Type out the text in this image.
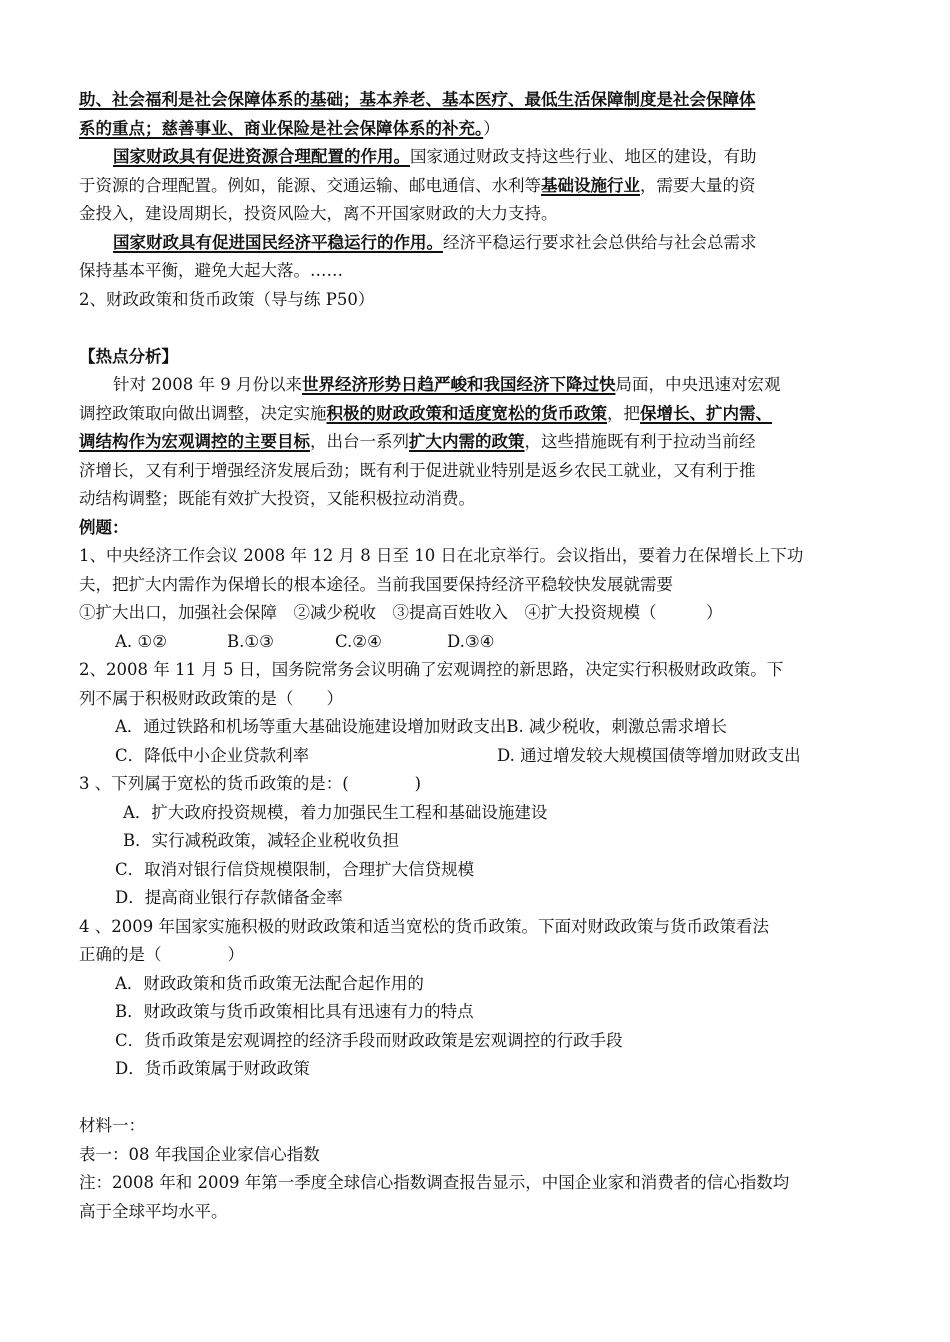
助、社会福利是社会保障体系的基础；基本养老、基本医疗、最低生活保障制度是社会保障体
系的重点；慈善事业、商业保险是社会保障体系的补充。）
国家财政具有促进资源合理配置的作用。国家通过财政支持这些行业、地区的建设，有助
于资源的合理配置。例如，能源、交通运输、邮电通信、水利等基础设施行业，需要大量的资
金投入，建设周期长，投资风险大，离不开国家财政的大力支持。
国家财政具有促进国民经济平稳运行的作用。经济平稳运行要求社会总供给与社会总需求
保持基本平衡，避免大起大落。……
2、财政政策和货币政策（导与练 P50）
【热点分析】
针对 2008 年 9 月份以来世界经济形势日趋严峻和我国经济下降过快局面，中央迅速对宏观
调控政策取向做出调整，决定实施积极的财政政策和适度宽松的货币政策，把保增长、扩内需、
调结构作为宏观调控的主要目标，出台一系列扩大内需的政策，这些措施既有利于拉动当前经
济增长，又有利于增强经济发展后劲；既有利于促进就业特别是返乡农民工就业，又有利于推
动结构调整；既能有效扩大投资，又能积极拉动消费。
例题：
1、中央经济工作会议 2008 年 12 月 8 日至 10 日在北京举行。会议指出，要着力在保增长上下功
夫，把扩大内需作为保增长的根本途径。当前我国要保持经济平稳较快发展就需要
①扩大出口，加强社会保障　②减少税收　③提高百姓收入　④扩大投资规模（　　　）
A. ①②	B.①③	C.②④	D.③④
2、2008 年 11 月 5 日，国务院常务会议明确了宏观调控的新思路，决定实行积极财政政策。下
列不属于积极财政政策的是（　　）
A．通过铁路和机场等重大基础设施建设增加财政支出B. 减少税收，刺激总需求增长
C．降低中小企业贷款利率	D. 通过增发较大规模国债等增加财政支出
3 、下列属于宽松的货币政策的是：(　　　　)
A．扩大政府投资规模，着力加强民生工程和基础设施建设
B．实行减税政策，减轻企业税收负担
C．取消对银行信贷规模限制，合理扩大信贷规模
D．提高商业银行存款储备金率
4 、2009 年国家实施积极的财政政策和适当宽松的货币政策。下面对财政政策与货币政策看法
正确的是（　　　　）
A．财政政策和货币政策无法配合起作用的
B．财政政策与货币政策相比具有迅速有力的特点
C．货币政策是宏观调控的经济手段而财政政策是宏观调控的行政手段
D．货币政策属于财政政策
材料一：
表一：08 年我国企业家信心指数
注：2008 年和 2009 年第一季度全球信心指数调查报告显示，中国企业家和消费者的信心指数均
高于全球平均水平。
